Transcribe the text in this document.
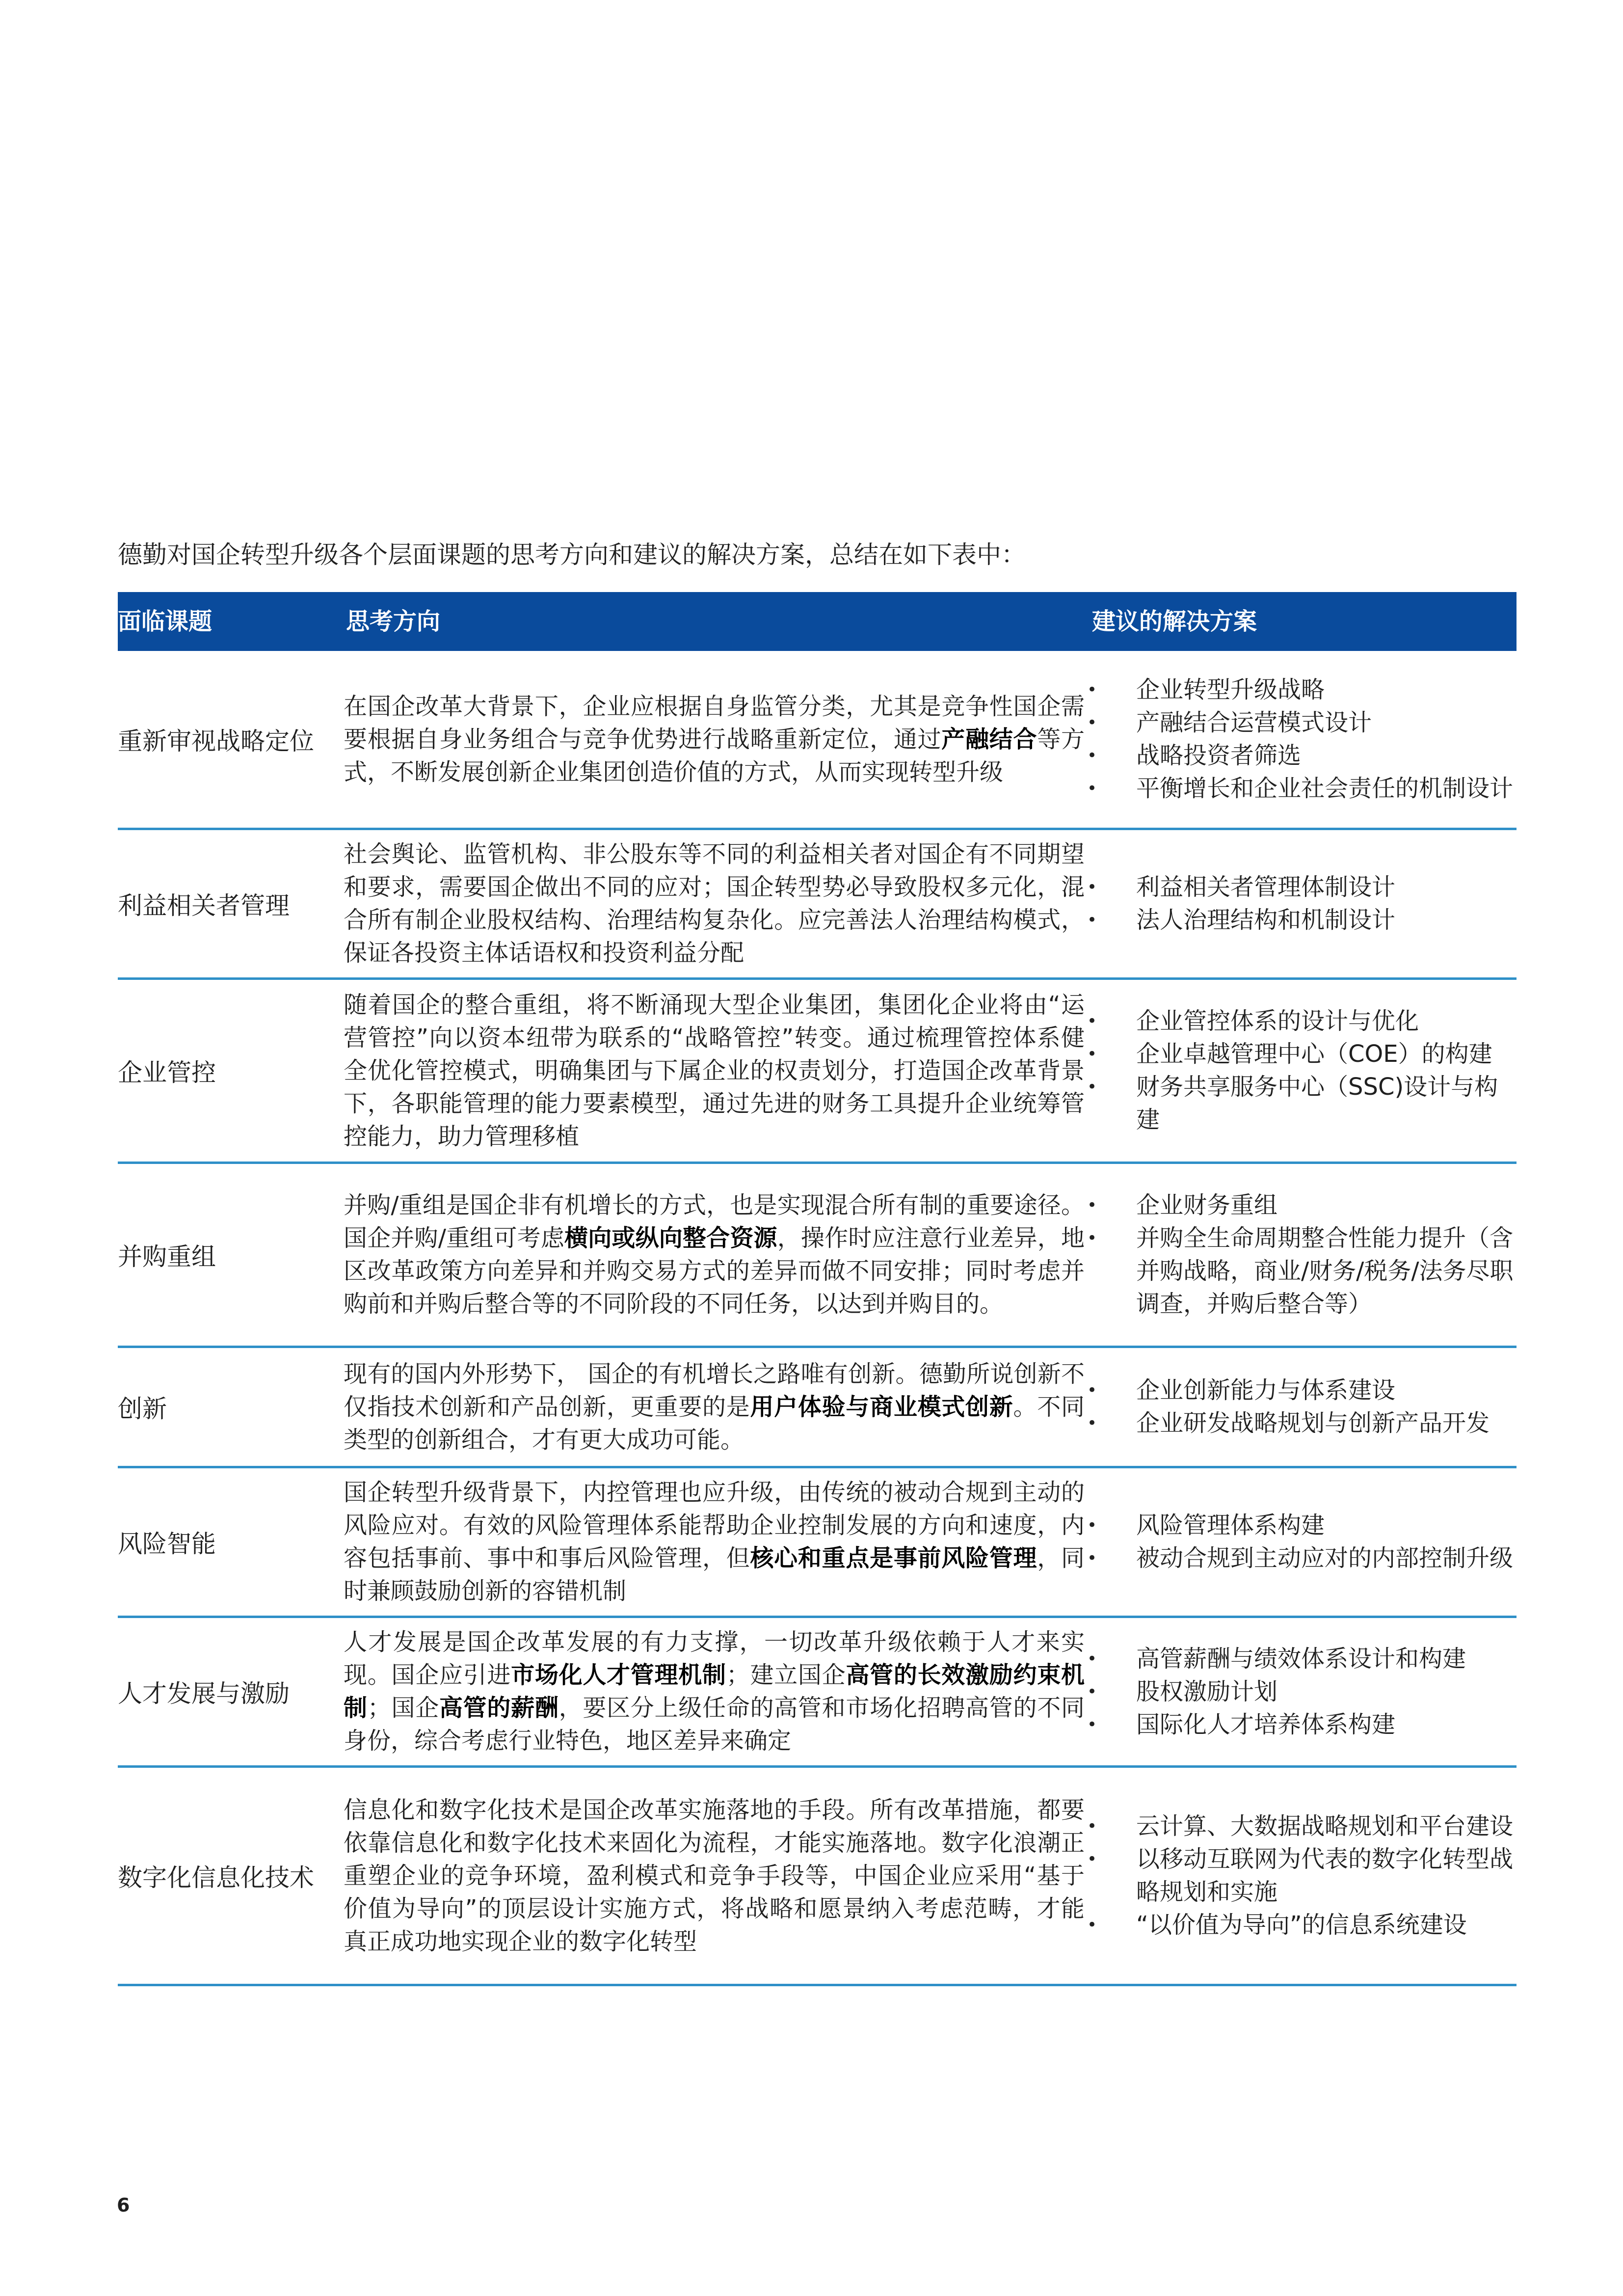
德勤对国企转型升级各个层面课题的思考方向和建议的解决方案，总结在如下表中：
面临课题	思考方向	建议的解决方案
重新审视战略定位
在国企改革大背景下，企业应根据自身监管分类，尤其是竞争性国企需要根据自身业务组合与竞争优势进行战略重新定位，通过产融结合等方式，不断发展创新企业集团创造价值的方式，从而实现转型升级
• 企业转型升级战略
• 产融结合运营模式设计
• 战略投资者筛选
• 平衡增长和企业社会责任的机制设计
利益相关者管理
社会舆论、监管机构、非公股东等不同的利益相关者对国企有不同期望和要求，需要国企做出不同的应对；国企转型势必导致股权多元化，混合所有制企业股权结构、治理结构复杂化。应完善法人治理结构模式，保证各投资主体话语权和投资利益分配
• 利益相关者管理体制设计
• 法人治理结构和机制设计
企业管控
随着国企的整合重组，将不断涌现大型企业集团，集团化企业将由“运营管控”向以资本纽带为联系的“战略管控”转变。通过梳理管控体系健全优化管控模式，明确集团与下属企业的权责划分，打造国企改革背景下，各职能管理的能力要素模型，通过先进的财务工具提升企业统筹管控能力，助力管理移植
• 企业管控体系的设计与优化
• 企业卓越管理中心（COE）的构建
• 财务共享服务中心（SSC)设计与构建
并购重组
并购/重组是国企非有机增长的方式，也是实现混合所有制的重要途径。国企并购/重组可考虑横向或纵向整合资源，操作时应注意行业差异，地区改革政策方向差异和并购交易方式的差异而做不同安排；同时考虑并购前和并购后整合等的不同阶段的不同任务，以达到并购目的。
• 企业财务重组
• 并购全生命周期整合性能力提升（含并购战略，商业/财务/税务/法务尽职调查，并购后整合等）
创新
现有的国内外形势下， 国企的有机增长之路唯有创新。德勤所说创新不仅指技术创新和产品创新，更重要的是用户体验与商业模式创新。不同类型的创新组合，才有更大成功可能。
• 企业创新能力与体系建设
• 企业研发战略规划与创新产品开发
风险智能
国企转型升级背景下，内控管理也应升级，由传统的被动合规到主动的风险应对。有效的风险管理体系能帮助企业控制发展的方向和速度，内容包括事前、事中和事后风险管理，但核心和重点是事前风险管理，同时兼顾鼓励创新的容错机制
• 风险管理体系构建
• 被动合规到主动应对的内部控制升级
人才发展与激励
人才发展是国企改革发展的有力支撑，一切改革升级依赖于人才来实现。国企应引进市场化人才管理机制；建立国企高管的长效激励约束机制；国企高管的薪酬，要区分上级任命的高管和市场化招聘高管的不同身份，综合考虑行业特色，地区差异来确定
• 高管薪酬与绩效体系设计和构建
• 股权激励计划
• 国际化人才培养体系构建
数字化信息化技术
信息化和数字化技术是国企改革实施落地的手段。所有改革措施，都要依靠信息化和数字化技术来固化为流程，才能实施落地。数字化浪潮正重塑企业的竞争环境，盈利模式和竞争手段等，中国企业应采用“基于价值为导向”的顶层设计实施方式，将战略和愿景纳入考虑范畴，才能真正成功地实现企业的数字化转型
• 云计算、大数据战略规划和平台建设
• 以移动互联网为代表的数字化转型战略规划和实施
• “以价值为导向”的信息系统建设
6
